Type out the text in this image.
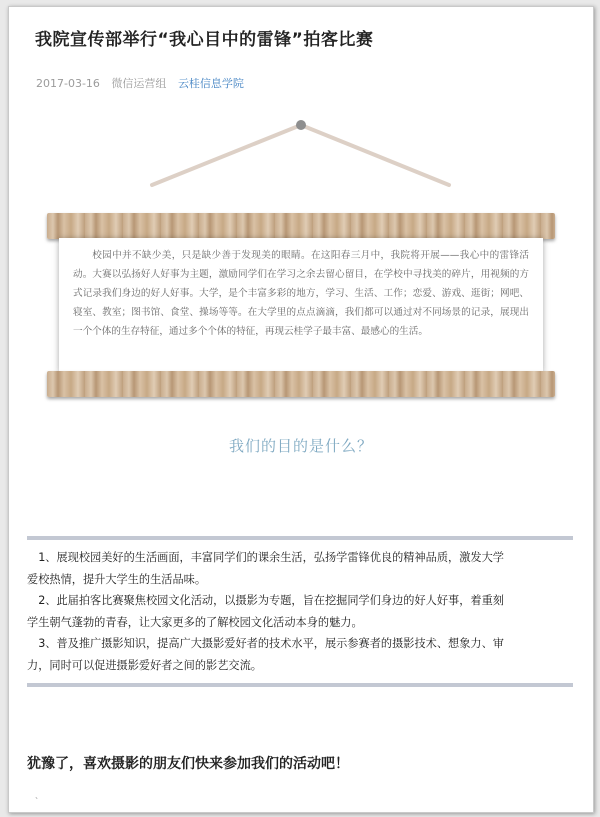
我院宣传部举行“我心目中的雷锋”拍客比赛
2017-03-16 微信运营组 云桂信息学院

校园中并不缺少美，只是缺少善于发现美的眼睛。在这阳春三月中，我院将开展——我心中的雷锋活动。大赛以弘扬好人好事为主题，激励同学们在学习之余去留心留目，在学校中寻找美的碎片，用视频的方式记录我们身边的好人好事。大学，是个丰富多彩的地方，学习、生活、工作；恋爱、游戏、逛街；网吧、寝室、教室；图书馆、食堂、操场等等。在大学里的点点滴滴，我们都可以通过对不同场景的记录，展现出一个个体的生存特征，通过多个个体的特征，再现云桂学子最丰富、最感心的生活。

我们的目的是什么？

　1、展现校园美好的生活画面，丰富同学们的课余生活，弘扬学雷锋优良的精神品质，激发大学

爱校热情，提升大学生的生活品味。

　2、此届拍客比赛聚焦校园文化活动，以摄影为专题，旨在挖掘同学们身边的好人好事，着重刻

学生朝气蓬勃的青春，让大家更多的了解校园文化活动本身的魅力。

　3、普及推广摄影知识，提高广大摄影爱好者的技术水平，展示参赛者的摄影技术、想象力、审

力，同时可以促进摄影爱好者之间的影艺交流。

犹豫了，喜欢摄影的朋友们快来参加我们的活动吧！
、
